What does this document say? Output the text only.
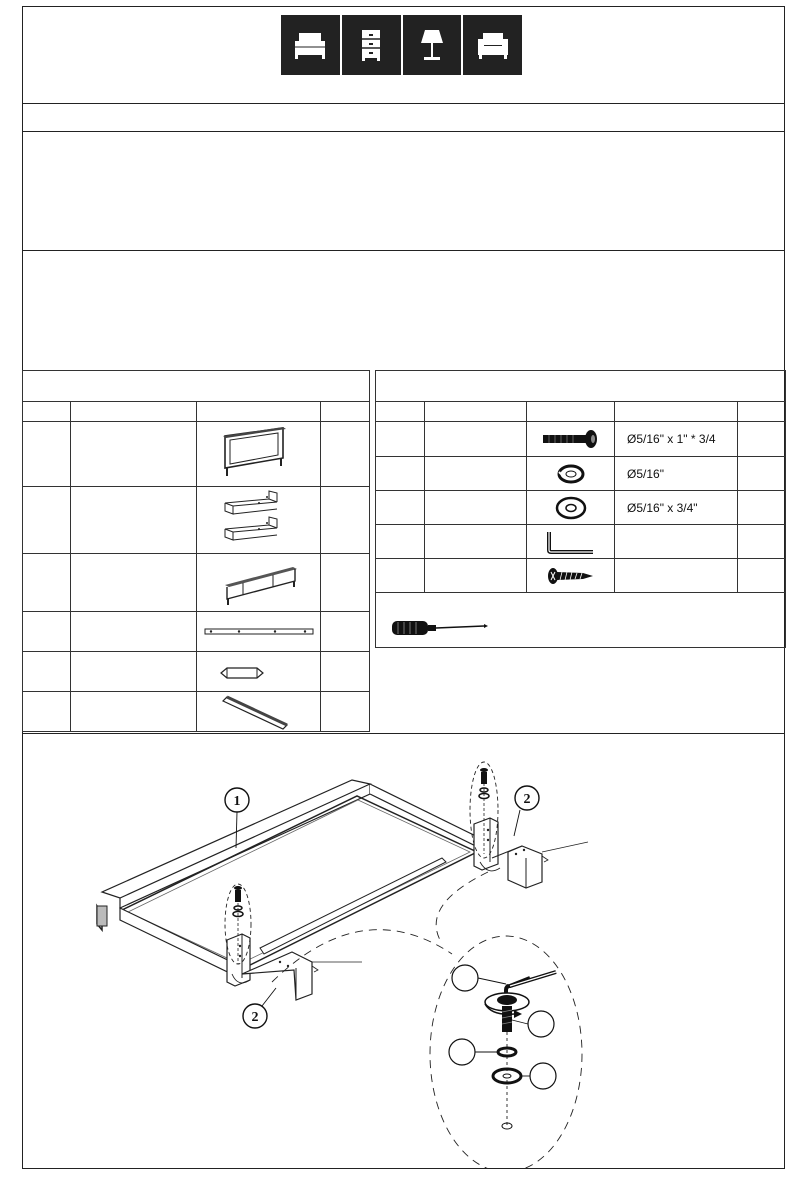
	Ø5/16" x 1" * 3/4	

	Ø5/16"	

	Ø5/16" x 3/4"	

1	2
2
